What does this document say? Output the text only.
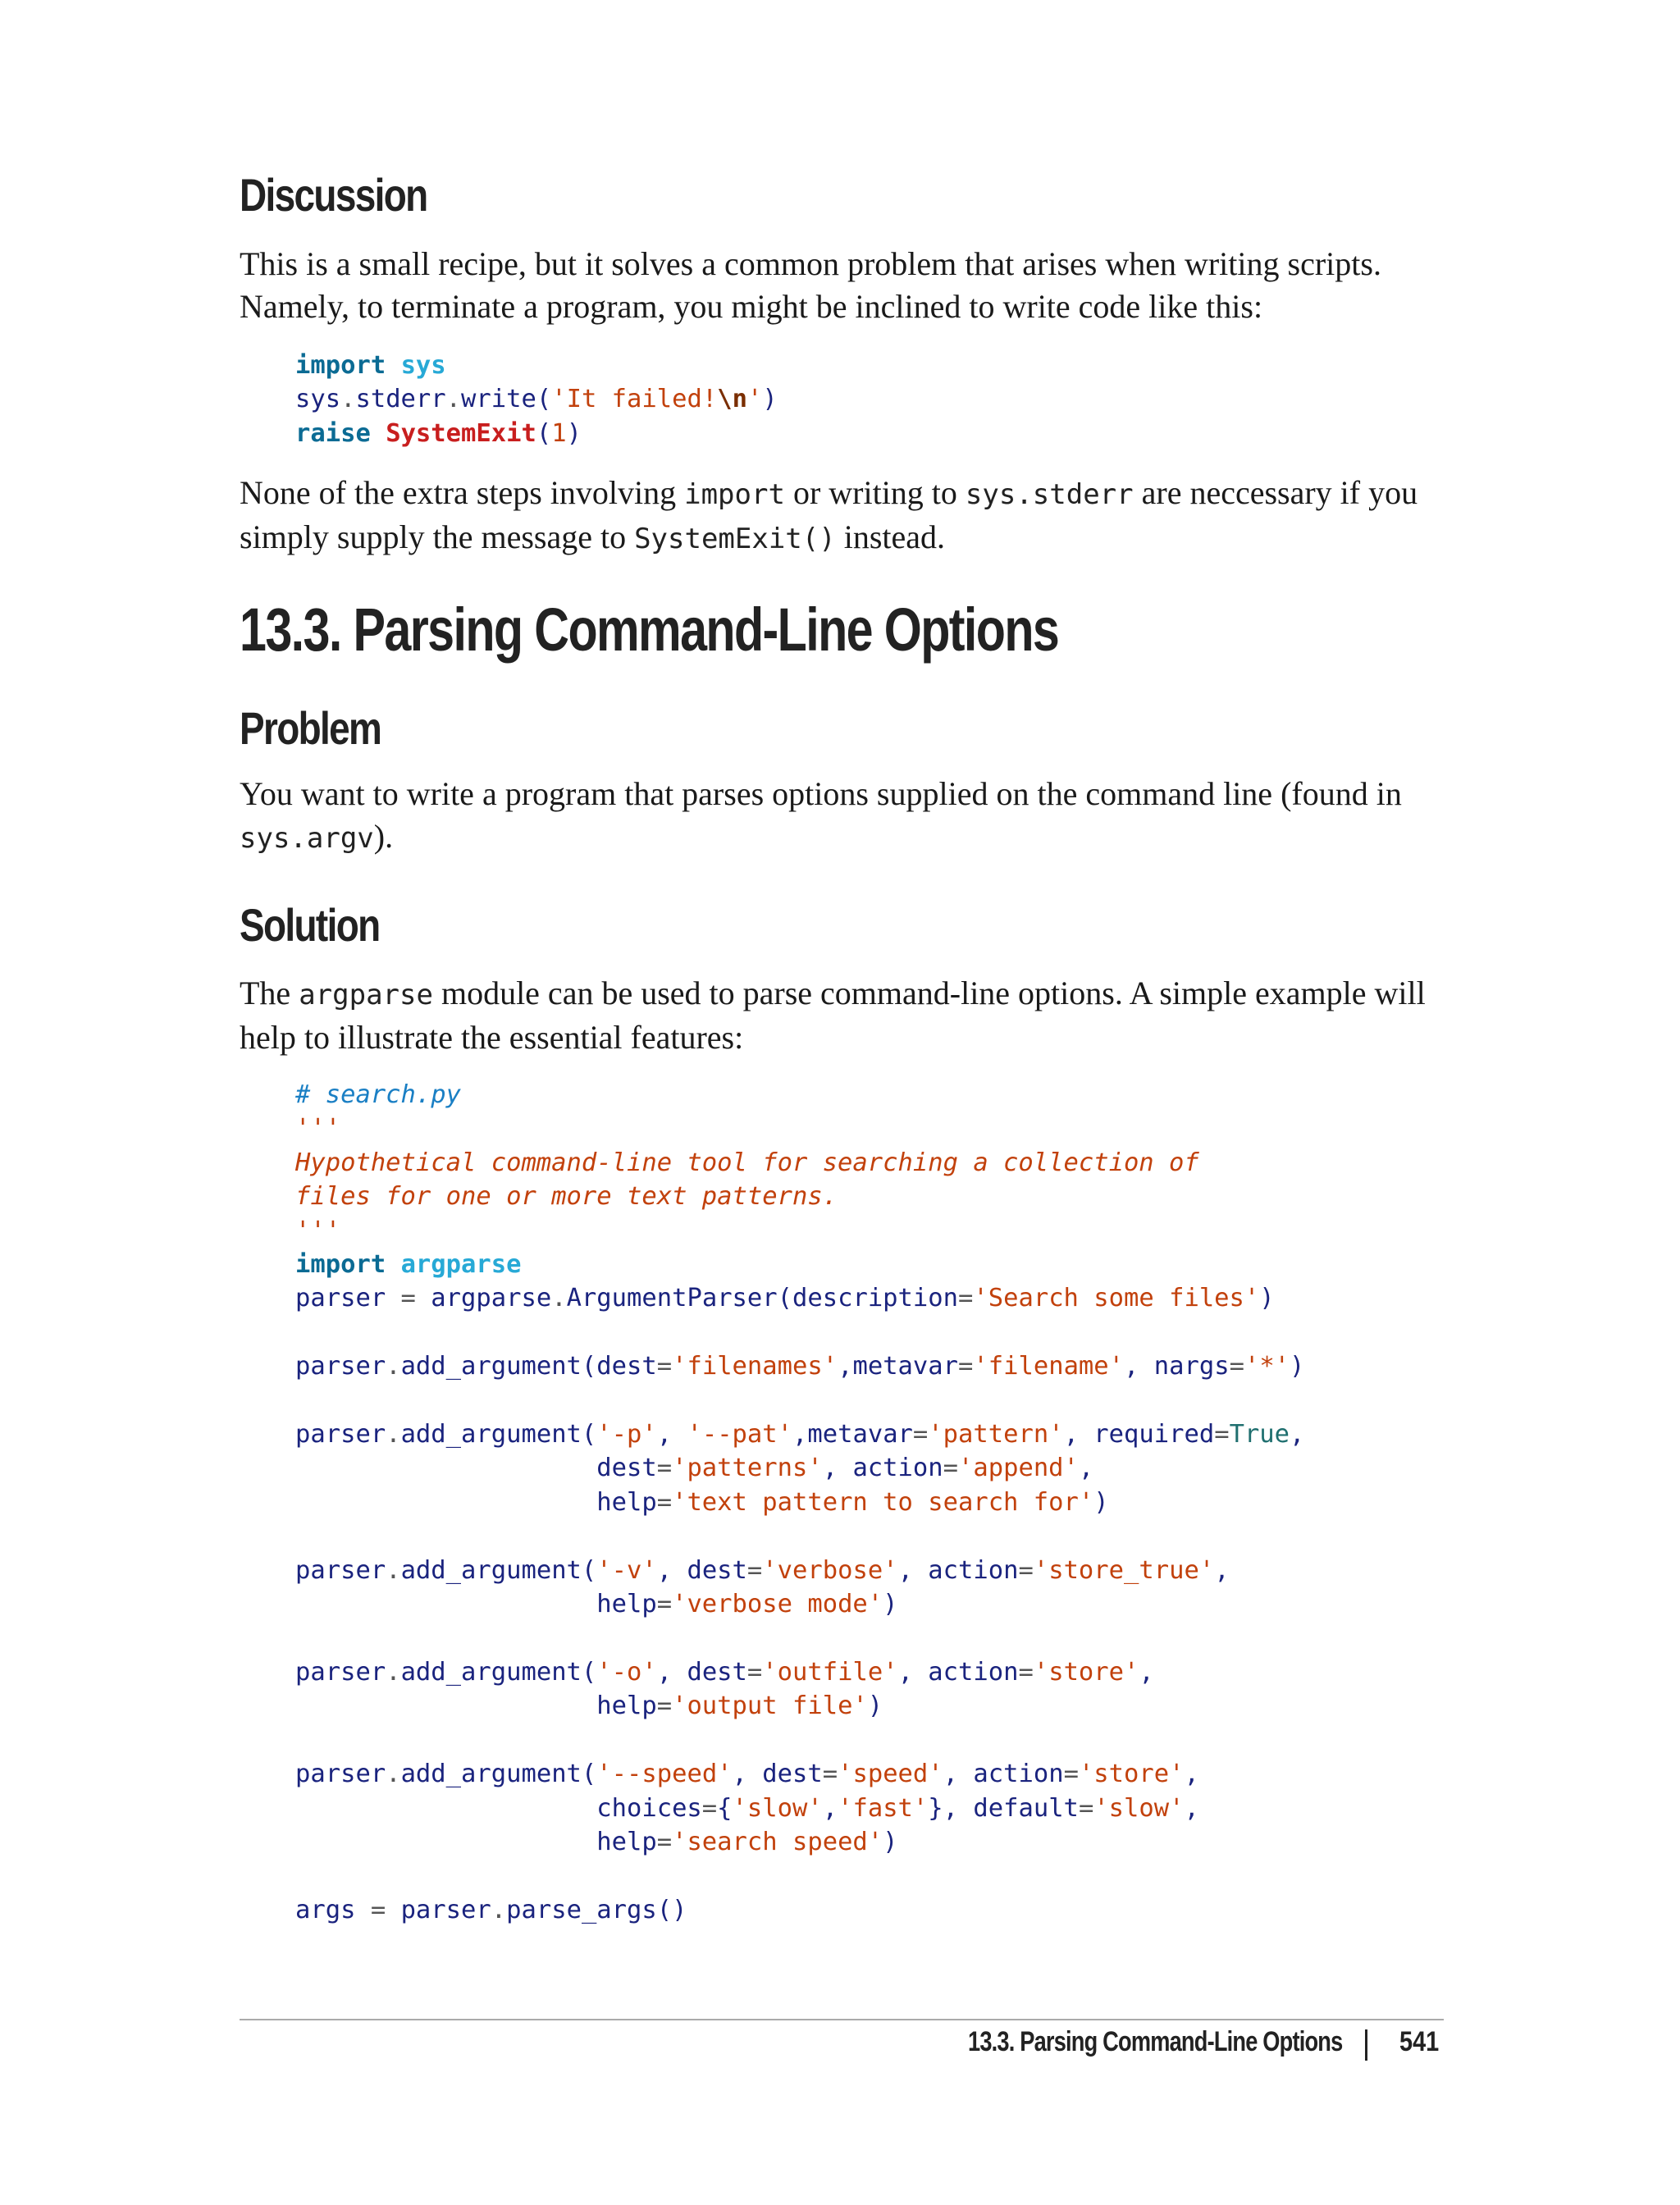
Discussion

This is a small recipe, but it solves a common problem that arises when writing scripts. Namely, to terminate a program, you might be inclined to write code like this:

import sys
sys.stderr.write('It failed!\n')
raise SystemExit(1)

None of the extra steps involving import or writing to sys.stderr are neccessary if you simply supply the message to SystemExit() instead.

13.3. Parsing Command-Line Options
Problem

You want to write a program that parses options supplied on the command line (found in sys.argv).

Solution

The argparse module can be used to parse command-line options. A simple example will help to illustrate the essential features:

# search.py
'''
Hypothetical command-line tool for searching a collection of
files for one or more text patterns.
'''
import argparse
parser = argparse.ArgumentParser(description='Search some files')

parser.add_argument(dest='filenames',metavar='filename', nargs='*')

parser.add_argument('-p', '--pat',metavar='pattern', required=True,
dest='patterns', action='append',
help='text pattern to search for')

parser.add_argument('-v', dest='verbose', action='store_true',
help='verbose mode')

parser.add_argument('-o', dest='outfile', action='store',
help='output file')

parser.add_argument('--speed', dest='speed', action='store',
choices={'slow','fast'}, default='slow',
help='search speed')

args = parser.parse_args()
13.3. Parsing Command-Line Options 541
